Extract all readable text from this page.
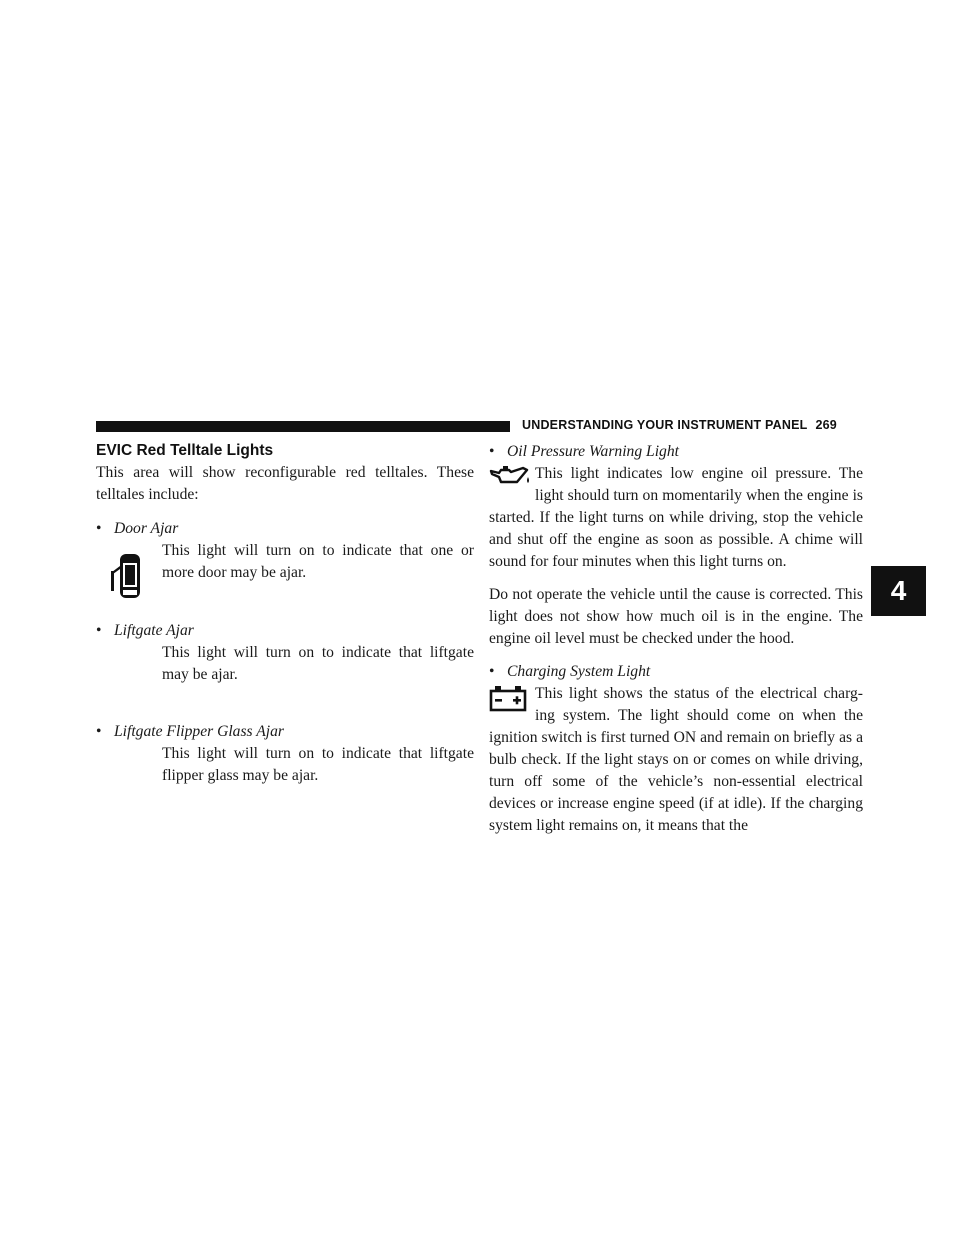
UNDERSTANDING YOUR INSTRUMENT PANEL 269
4
EVIC Red Telltale Lights

This area will show reconfigurable red telltales. These telltales include:

• Door Ajar

This light will turn on to indicate that one or more door may be ajar.

• Liftgate Ajar

This light will turn on to indicate that liftgate may be ajar.

• Liftgate Flipper Glass Ajar

This light will turn on to indicate that liftgate flipper glass may be ajar.

• Oil Pressure Warning Light

This light indicates low engine oil pressure. The light should turn on momentarily when the engine is started. If the light turns on while driving, stop the vehicle and shut off the engine as soon as possible. A chime will sound for four minutes when this light turns on.

Do not operate the vehicle until the cause is corrected. This light does not show how much oil is in the engine. The engine oil level must be checked under the hood.

• Charging System Light

This light shows the status of the electrical charg-ing system. The light should come on when the ignition switch is first turned ON and remain on briefly as a bulb check. If the light stays on or comes on while driving, turn off some of the vehicle’s non-essential electrical devices or increase engine speed (if at idle). If the charging system light remains on, it means that the
